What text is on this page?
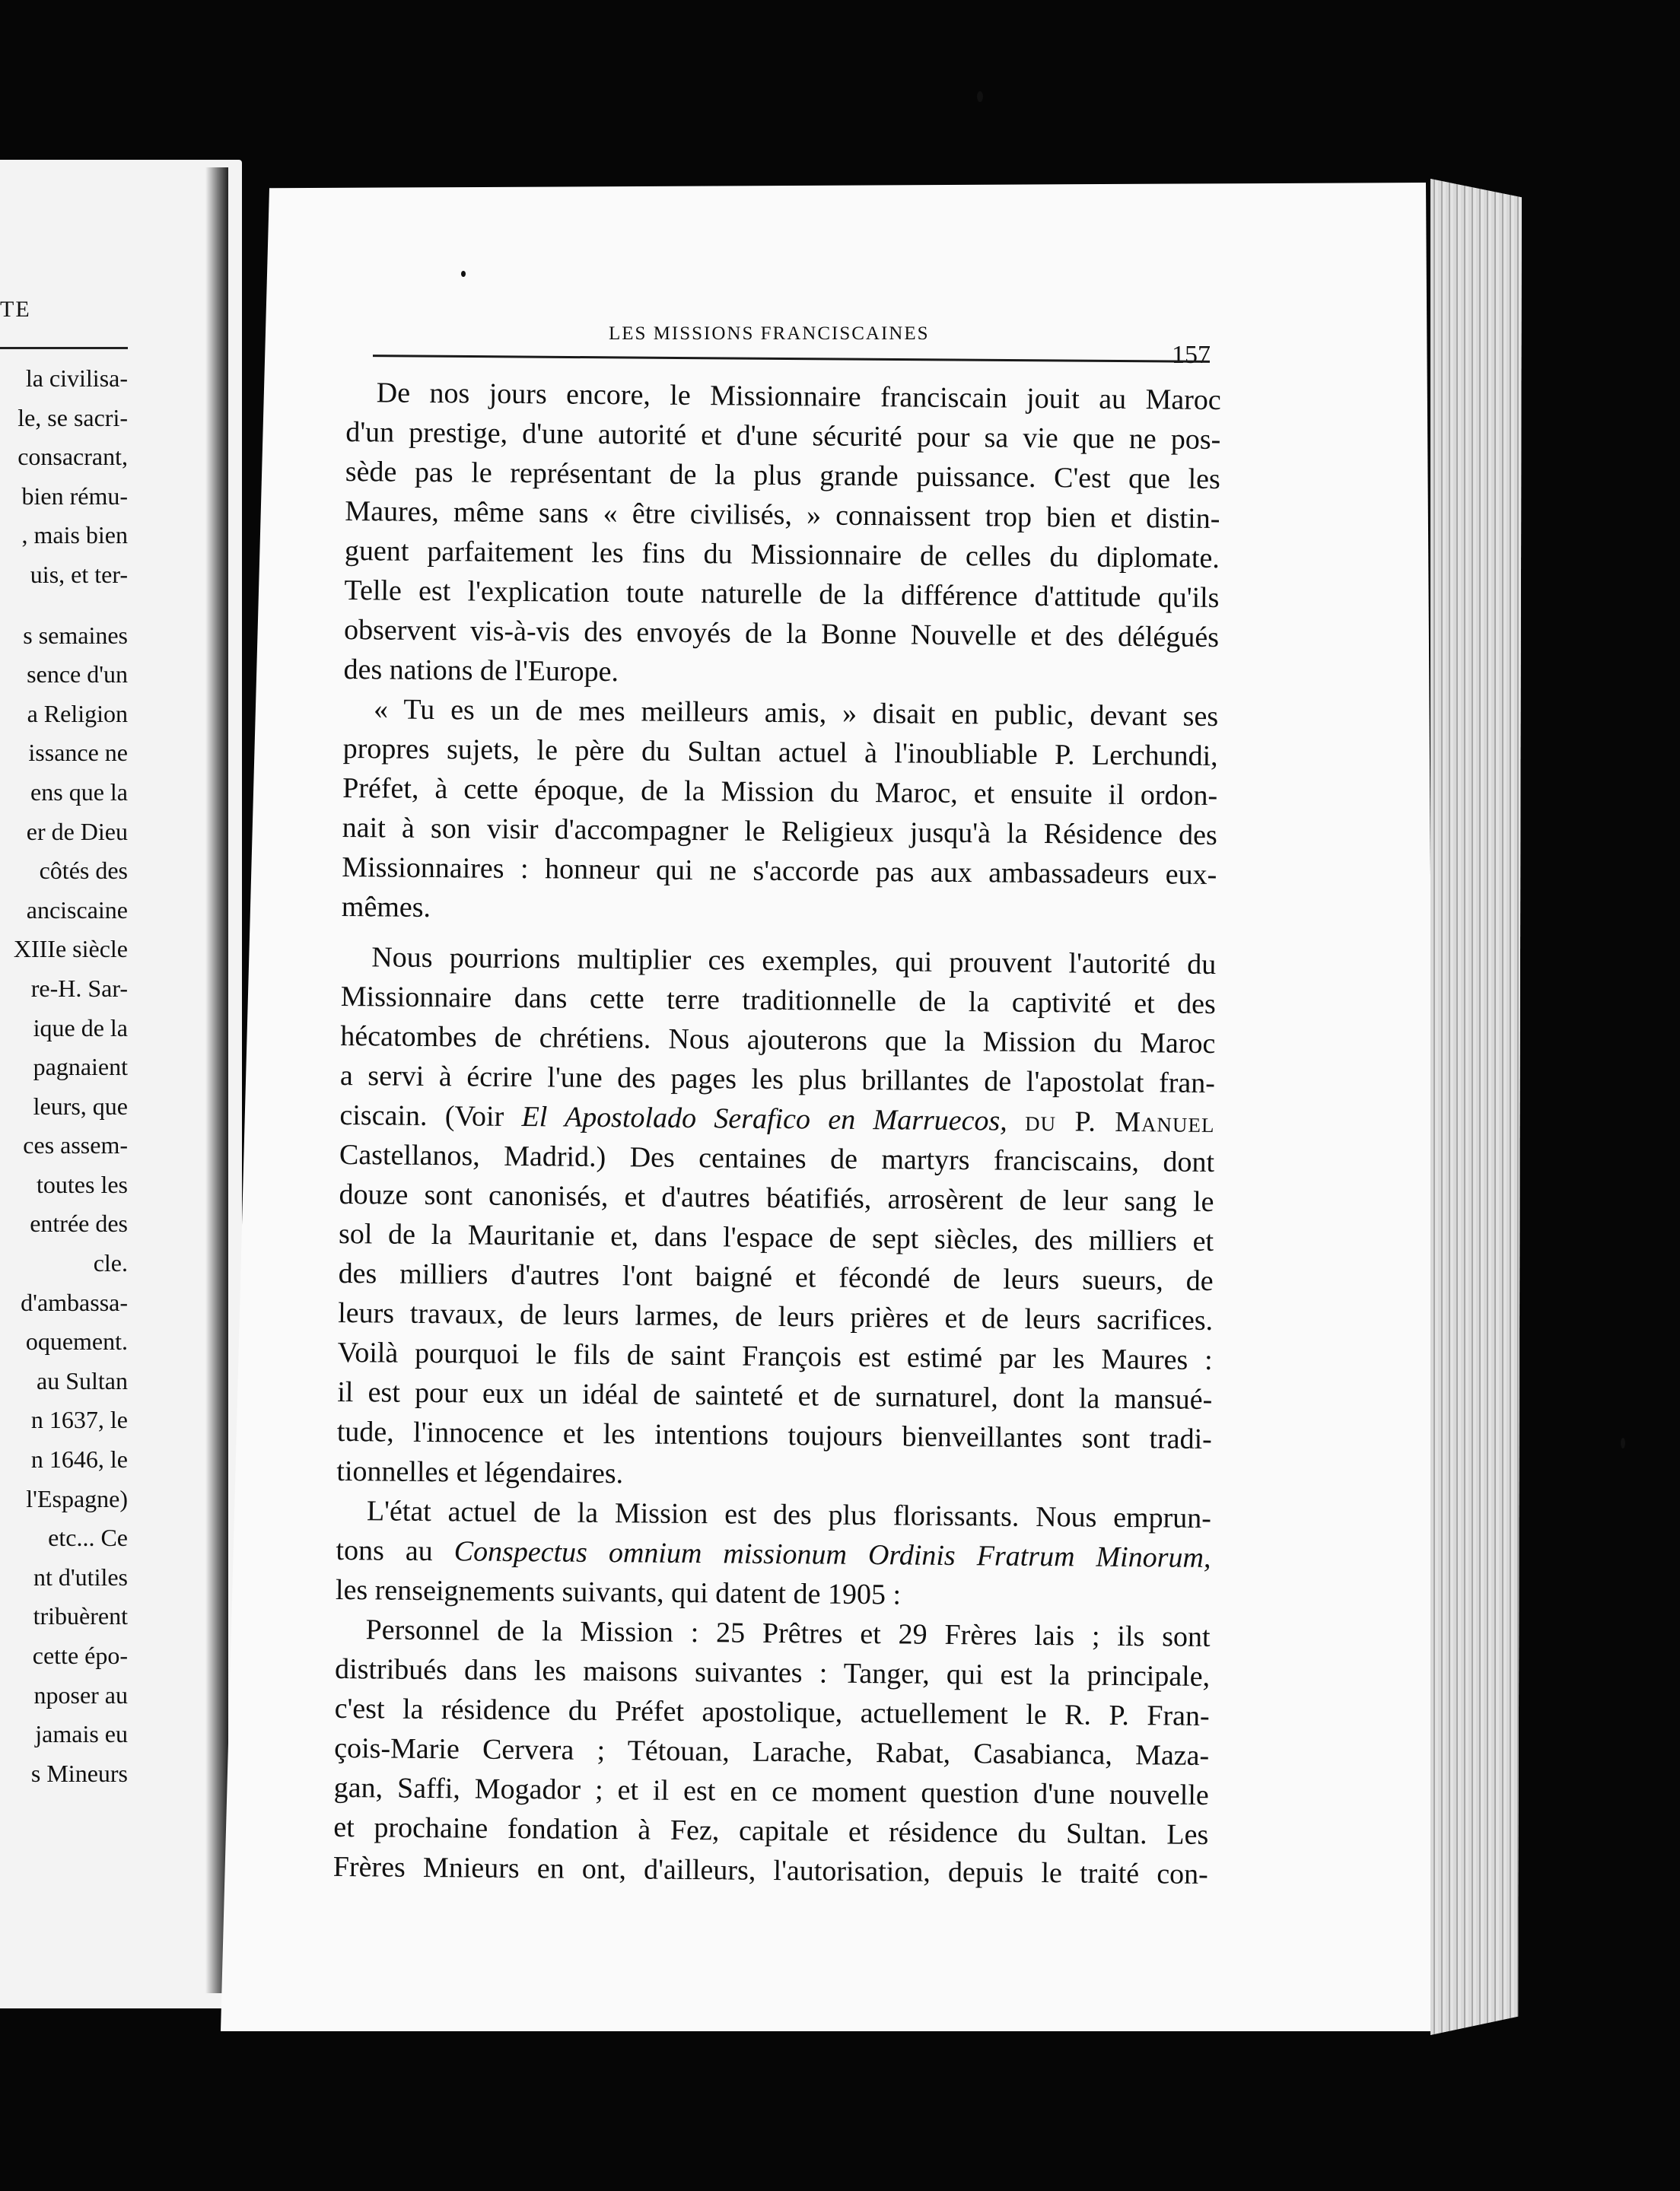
TE
la civilisa-
le, se sacri-
consacrant,
bien rému-
, mais bien
uis, et ter-
s semaines
sence d'un
a Religion
issance ne
ens que la
er de Dieu
côtés des
anciscaine
XIIIe siècle
re-H. Sar-
ique de la
pagnaient
leurs, que
ces assem-
toutes les
entrée des
cle.
d'ambassa-
oquement.
au Sultan
n 1637, le
n 1646, le
l'Espagne)
etc... Ce
nt d'utiles
tribuèrent
cette épo-
nposer au
jamais eu
s Mineurs
LES MISSIONS FRANCISCAINES
157
De nos jours encore, le Missionnaire franciscain jouit au Maroc
d'un prestige, d'une autorité et d'une sécurité pour sa vie que ne pos-
sède pas le représentant de la plus grande puissance. C'est que les
Maures, même sans « être civilisés, » connaissent trop bien et distin-
guent parfaitement les fins du Missionnaire de celles du diplomate.
Telle est l'explication toute naturelle de la différence d'attitude qu'ils
observent vis-à-vis des envoyés de la Bonne Nouvelle et des délégués
des nations de l'Europe.
« Tu es un de mes meilleurs amis, » disait en public, devant ses
propres sujets, le père du Sultan actuel à l'inoubliable P. Lerchundi,
Préfet, à cette époque, de la Mission du Maroc, et ensuite il ordon-
nait à son visir d'accompagner le Religieux jusqu'à la Résidence des
Missionnaires : honneur qui ne s'accorde pas aux ambassadeurs eux-
mêmes.
Nous pourrions multiplier ces exemples, qui prouvent l'autorité du
Missionnaire dans cette terre traditionnelle de la captivité et des
hécatombes de chrétiens. Nous ajouterons que la Mission du Maroc
a servi à écrire l'une des pages les plus brillantes de l'apostolat fran-
ciscain. (Voir El Apostolado Serafico en Marruecos, du P. Manuel
Castellanos, Madrid.) Des centaines de martyrs franciscains, dont
douze sont canonisés, et d'autres béatifiés, arrosèrent de leur sang le
sol de la Mauritanie et, dans l'espace de sept siècles, des milliers et
des milliers d'autres l'ont baigné et fécondé de leurs sueurs, de
leurs travaux, de leurs larmes, de leurs prières et de leurs sacrifices.
Voilà pourquoi le fils de saint François est estimé par les Maures :
il est pour eux un idéal de sainteté et de surnaturel, dont la mansué-
tude, l'innocence et les intentions toujours bienveillantes sont tradi-
tionnelles et légendaires.
L'état actuel de la Mission est des plus florissants. Nous emprun-
tons au Conspectus omnium missionum Ordinis Fratrum Minorum,
les renseignements suivants, qui datent de 1905 :
Personnel de la Mission : 25 Prêtres et 29 Frères lais ; ils sont
distribués dans les maisons suivantes : Tanger, qui est la principale,
c'est la résidence du Préfet apostolique, actuellement le R. P. Fran-
çois-Marie Cervera ; Tétouan, Larache, Rabat, Casabianca, Maza-
gan, Saffi, Mogador ; et il est en ce moment question d'une nouvelle
et prochaine fondation à Fez, capitale et résidence du Sultan. Les
Frères Mnieurs en ont, d'ailleurs, l'autorisation, depuis le traité con-
